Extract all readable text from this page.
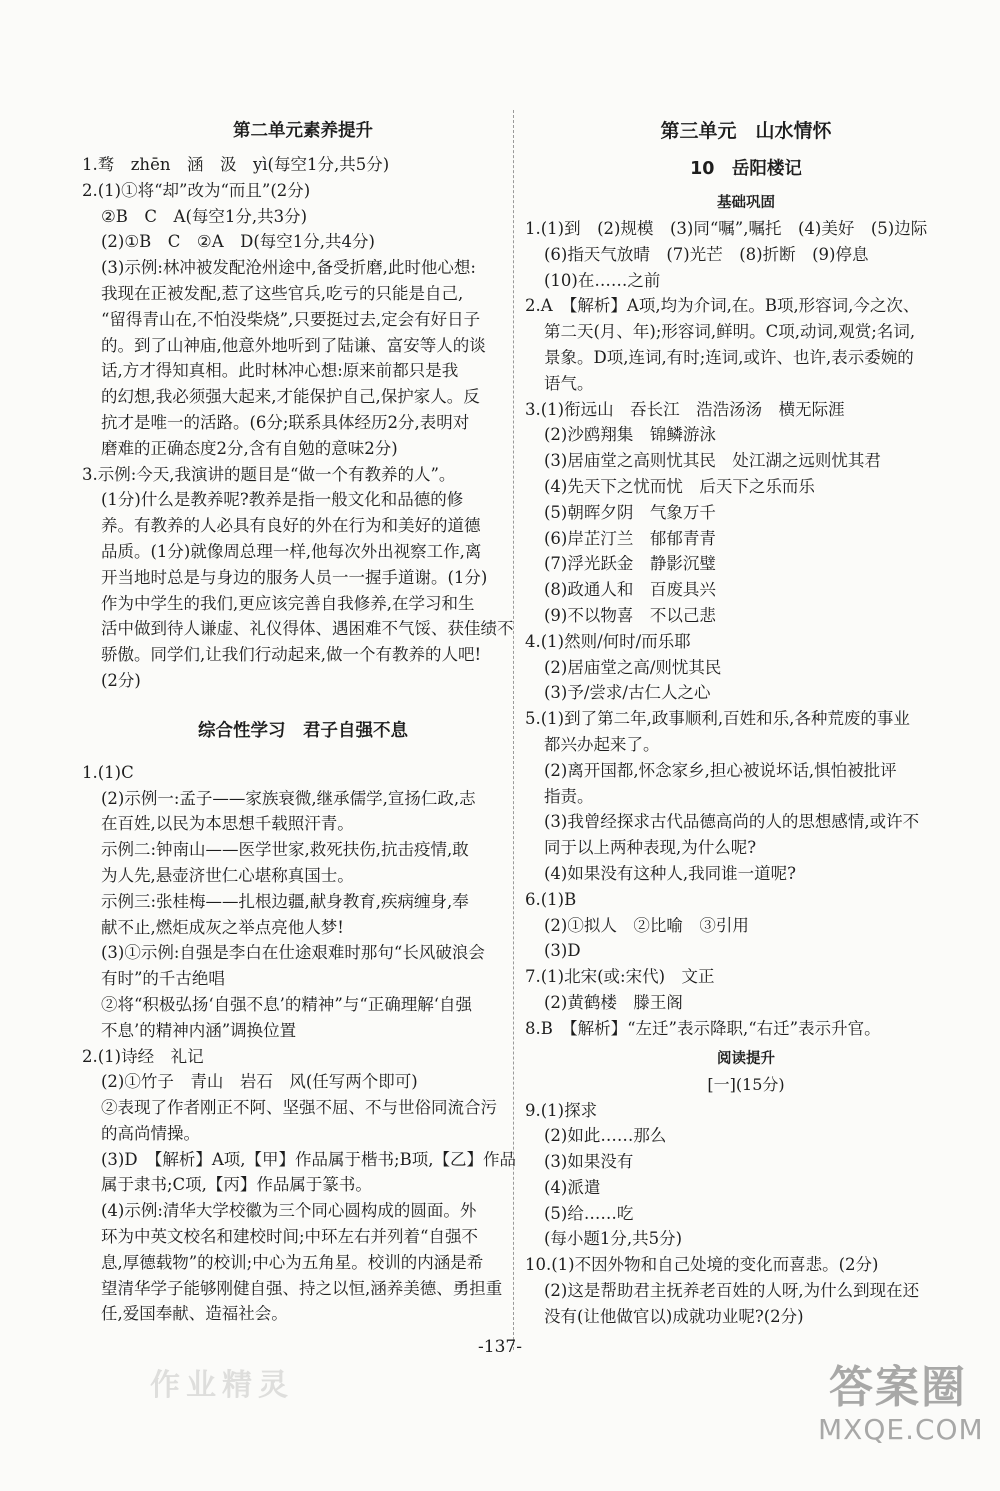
第二单元素养提升
1.骛　zhēn　涵　汲　yì(每空1分,共5分)
2.(1)①将“却”改为“而且”(2分)
②B　C　A(每空1分,共3分)
(2)①B　C　②A　D(每空1分,共4分)
(3)示例:林冲被发配沧州途中,备受折磨,此时他心想:
我现在正被发配,惹了这些官兵,吃亏的只能是自己,
“留得青山在,不怕没柴烧”,只要挺过去,定会有好日子
的。到了山神庙,他意外地听到了陆谦、富安等人的谈
话,方才得知真相。此时林冲心想:原来前都只是我
的幻想,我必须强大起来,才能保护自己,保护家人。反
抗才是唯一的活路。(6分;联系具体经历2分,表明对
磨难的正确态度2分,含有自勉的意味2分)
3.示例:今天,我演讲的题目是“做一个有教养的人”。
(1分)什么是教养呢?教养是指一般文化和品德的修
养。有教养的人必具有良好的外在行为和美好的道德
品质。(1分)就像周总理一样,他每次外出视察工作,离
开当地时总是与身边的服务人员一一握手道谢。(1分)
作为中学生的我们,更应该完善自我修养,在学习和生
活中做到待人谦虚、礼仪得体、遇困难不气馁、获佳绩不
骄傲。同学们,让我们行动起来,做一个有教养的人吧!
(2分)
综合性学习　君子自强不息
1.(1)C
(2)示例一:孟子——家族衰微,继承儒学,宣扬仁政,志
在百姓,以民为本思想千载照汗青。
示例二:钟南山——医学世家,救死扶伤,抗击疫情,敢
为人先,悬壶济世仁心堪称真国士。
示例三:张桂梅——扎根边疆,献身教育,疾病缠身,奉
献不止,燃炬成灰之举点亮他人梦!
(3)①示例:自强是李白在仕途艰难时那句“长风破浪会
有时”的千古绝唱
②将“积极弘扬‘自强不息’的精神”与“正确理解‘自强
不息’的精神内涵”调换位置
2.(1)诗经　礼记
(2)①竹子　青山　岩石　风(任写两个即可)
②表现了作者刚正不阿、坚强不屈、不与世俗同流合污
的高尚情操。
(3)D　【解析】A项,【甲】作品属于楷书;B项,【乙】作品
属于隶书;C项,【丙】作品属于篆书。
(4)示例:清华大学校徽为三个同心圆构成的圆面。外
环为中英文校名和建校时间;中环左右并列着“自强不
息,厚德载物”的校训;中心为五角星。校训的内涵是希
望清华学子能够刚健自强、持之以恒,涵养美德、勇担重
任,爱国奉献、造福社会。
第三单元　山水情怀
10　岳阳楼记
基础巩固
1.(1)到　(2)规模　(3)同“嘱”,嘱托　(4)美好　(5)边际
(6)指天气放晴　(7)光芒　(8)折断　(9)停息
(10)在……之前
2.A　【解析】A项,均为介词,在。B项,形容词,今之次、
第二天(月、年);形容词,鲜明。C项,动词,观赏;名词,
景象。D项,连词,有时;连词,或许、也许,表示委婉的
语气。
3.(1)衔远山　吞长江　浩浩汤汤　横无际涯
(2)沙鸥翔集　锦鳞游泳
(3)居庙堂之高则忧其民　处江湖之远则忧其君
(4)先天下之忧而忧　后天下之乐而乐
(5)朝晖夕阴　气象万千
(6)岸芷汀兰　郁郁青青
(7)浮光跃金　静影沉璧
(8)政通人和　百废具兴
(9)不以物喜　不以己悲
4.(1)然则/何时/而乐耶
(2)居庙堂之高/则忧其民
(3)予/尝求/古仁人之心
5.(1)到了第二年,政事顺利,百姓和乐,各种荒废的事业
都兴办起来了。
(2)离开国都,怀念家乡,担心被说坏话,惧怕被批评
指责。
(3)我曾经探求古代品德高尚的人的思想感情,或许不
同于以上两种表现,为什么呢?
(4)如果没有这种人,我同谁一道呢?
6.(1)B
(2)①拟人　②比喻　③引用
(3)D
7.(1)北宋(或:宋代)　文正
(2)黄鹤楼　滕王阁
8.B　【解析】“左迁”表示降职,“右迁”表示升官。
阅读提升
[一](15分)
9.(1)探求
(2)如此……那么
(3)如果没有
(4)派遣
(5)给……吃
(每小题1分,共5分)
10.(1)不因外物和自己处境的变化而喜悲。(2分)
(2)这是帮助君主抚养老百姓的人呀,为什么到现在还
没有(让他做官以)成就功业呢?(2分)
-137-
作业精灵	答案圈
MXQE.COM
